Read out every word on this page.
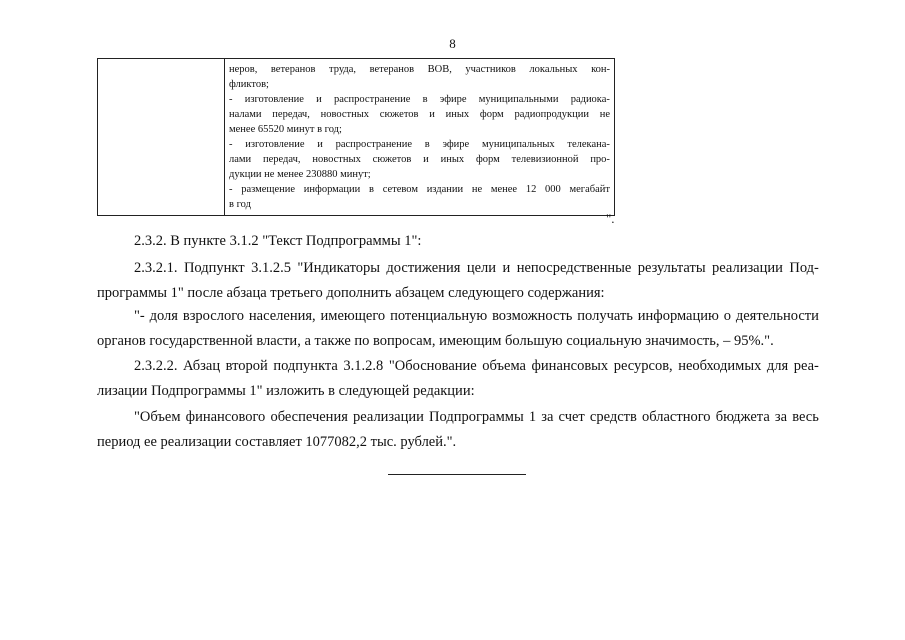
8

неров, ветеранов труда, ветеранов ВОВ, участников локальных кон-
фликтов;
- изготовление и распространение в эфире муниципальными радиока-
налами передач, новостных сюжетов и иных форм радиопродукции не
менее 65520 минут в год;
- изготовление и распространение в эфире муниципальных телекана-
лами передач, новостных сюжетов и иных форм телевизионной про-
дукции не менее 230880 минут;
- размещение информации в сетевом издании не менее 12 000 мегабайт
в год
".
2.3.2. В пункте 3.1.2 "Текст Подпрограммы 1":
2.3.2.1. Подпункт 3.1.2.5 "Индикаторы достижения цели и непосредственные результаты реализации Под-
программы 1" после абзаца третьего дополнить абзацем следующего содержания:
"- доля взрослого населения, имеющего потенциальную возможность получать информацию о деятельности
органов государственной власти, а также по вопросам, имеющим большую социальную значимость, – 95%.".
2.3.2.2. Абзац второй подпункта 3.1.2.8 "Обоснование объема финансовых ресурсов, необходимых для реа-
лизации Подпрограммы 1" изложить в следующей редакции:
"Объем финансового обеспечения реализации Подпрограммы 1 за счет средств областного бюджета за весь
период ее реализации составляет 1077082,2 тыс. рублей.".
